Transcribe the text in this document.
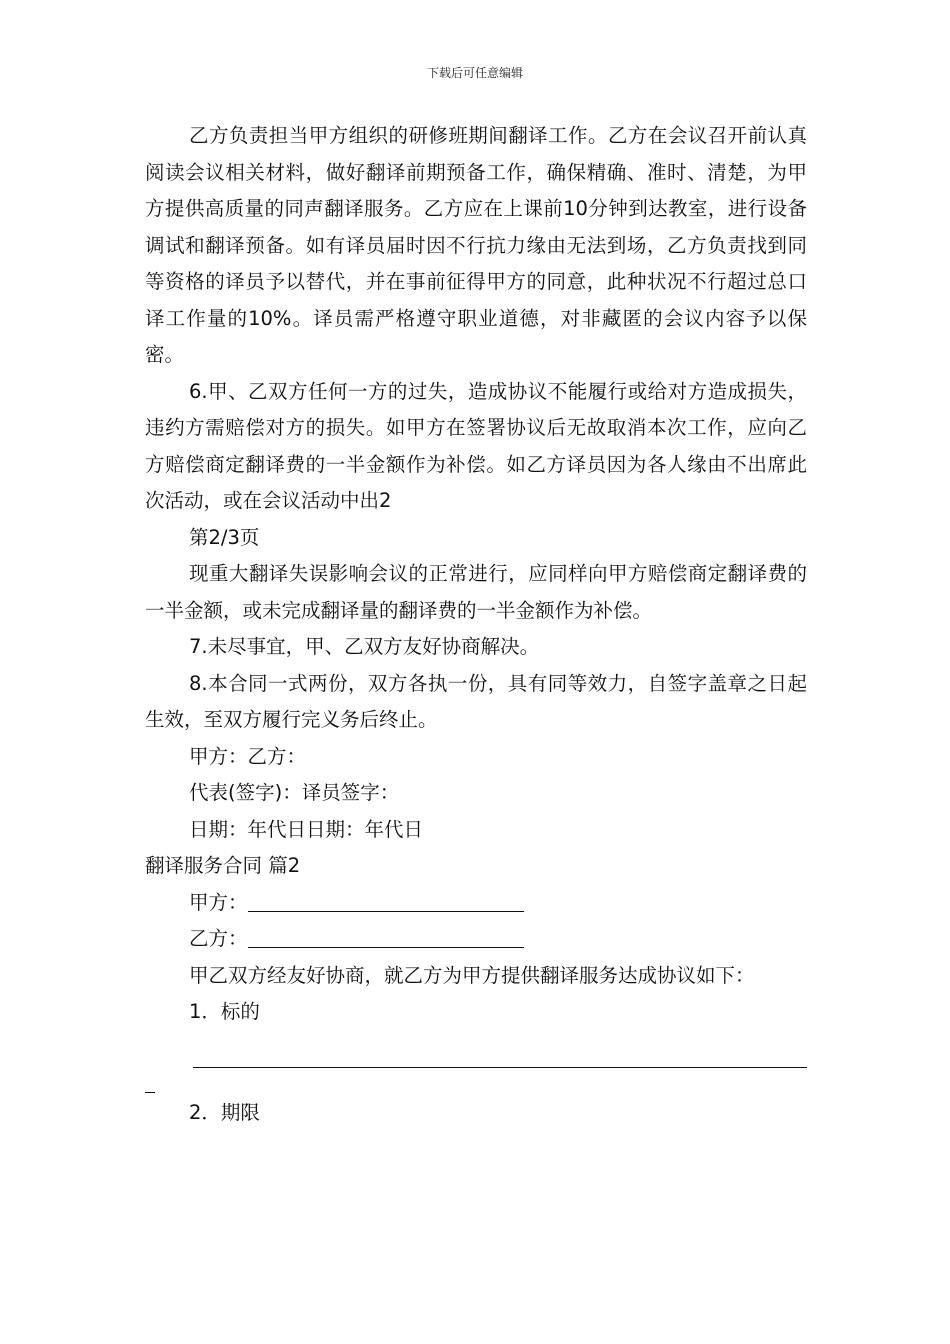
下载后可任意编辑

乙方负责担当甲方组织的研修班期间翻译工作。乙方在会议召开前认真阅读会议相关材料，做好翻译前期预备工作，确保精确、准时、清楚，为甲方提供高质量的同声翻译服务。乙方应在上课前10分钟到达教室，进行设备调试和翻译预备。如有译员届时因不行抗力缘由无法到场，乙方负责找到同等资格的译员予以替代，并在事前征得甲方的同意，此种状况不行超过总口译工作量的10%。译员需严格遵守职业道德，对非藏匿的会议内容予以保密。

6.甲、乙双方任何一方的过失，造成协议不能履行或给对方造成损失，违约方需赔偿对方的损失。如甲方在签署协议后无故取消本次工作，应向乙方赔偿商定翻译费的一半金额作为补偿。如乙方译员因为各人缘由不出席此次活动，或在会议活动中出2

第2/3页

现重大翻译失误影响会议的正常进行，应同样向甲方赔偿商定翻译费的一半金额，或未完成翻译量的翻译费的一半金额作为补偿。

7.未尽事宜，甲、乙双方友好协商解决。

8.本合同一式两份，双方各执一份，具有同等效力，自签字盖章之日起生效，至双方履行完义务后终止。

甲方：乙方：

代表(签字)：译员签字：

日期：年代日日期：年代日

翻译服务合同 篇2

甲方：

乙方：

甲乙双方经友好协商，就乙方为甲方提供翻译服务达成协议如下：

1．标的

2．期限
